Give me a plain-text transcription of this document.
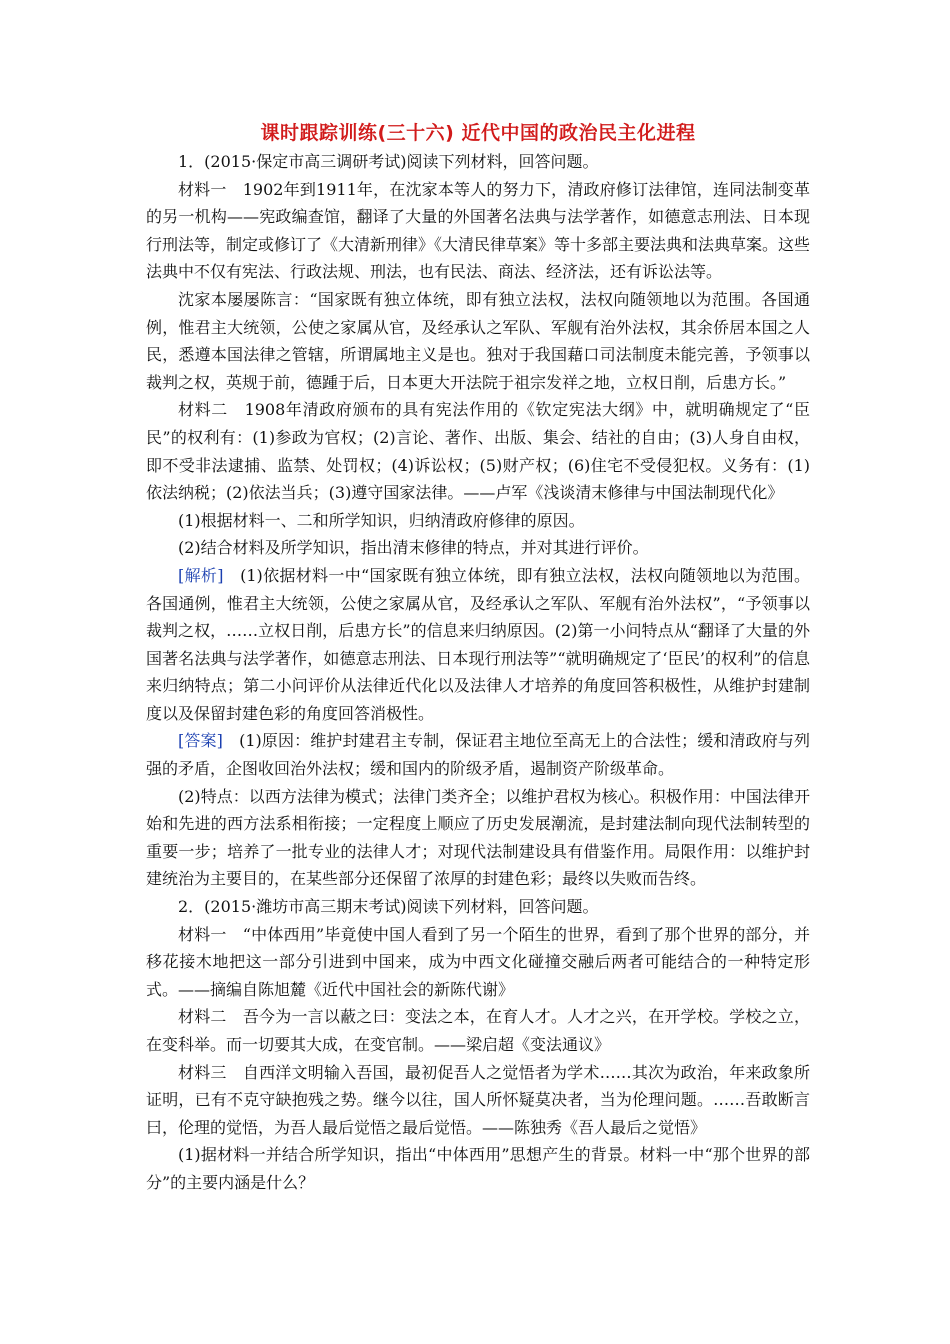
课时跟踪训练(三十六) 近代中国的政治民主化进程

1．(2015·保定市高三调研考试)阅读下列材料，回答问题。

材料一　1902年到1911年，在沈家本等人的努力下，清政府修订法律馆，连同法制变革的另一机构——宪政编查馆，翻译了大量的外国著名法典与法学著作，如德意志刑法、日本现行刑法等，制定或修订了《大清新刑律》《大清民律草案》等十多部主要法典和法典草案。这些法典中不仅有宪法、行政法规、刑法，也有民法、商法、经济法，还有诉讼法等。

沈家本屡屡陈言：“国家既有独立体统，即有独立法权，法权向随领地以为范围。各国通例，惟君主大统领，公使之家属从官，及经承认之军队、军舰有治外法权，其余侨居本国之人民，悉遵本国法律之管辖，所谓属地主义是也。独对于我国藉口司法制度未能完善，予领事以裁判之权，英规于前，德踵于后，日本更大开法院于祖宗发祥之地，立权日削，后患方长。”

材料二　1908年清政府颁布的具有宪法作用的《钦定宪法大纲》中，就明确规定了“臣民”的权利有：(1)参政为官权；(2)言论、著作、出版、集会、结社的自由；(3)人身自由权，即不受非法逮捕、监禁、处罚权；(4)诉讼权；(5)财产权；(6)住宅不受侵犯权。义务有：(1)依法纳税；(2)依法当兵；(3)遵守国家法律。——卢军《浅谈清末修律与中国法制现代化》

(1)根据材料一、二和所学知识，归纳清政府修律的原因。

(2)结合材料及所学知识，指出清末修律的特点，并对其进行评价。

[解析]　(1)依据材料一中“国家既有独立体统，即有独立法权，法权向随领地以为范围。各国通例，惟君主大统领，公使之家属从官，及经承认之军队、军舰有治外法权”，“予领事以裁判之权，……立权日削，后患方长”的信息来归纳原因。(2)第一小问特点从“翻译了大量的外国著名法典与法学著作，如德意志刑法、日本现行刑法等”“就明确规定了‘臣民’的权利”的信息来归纳特点；第二小问评价从法律近代化以及法律人才培养的角度回答积极性，从维护封建制度以及保留封建色彩的角度回答消极性。

[答案]　(1)原因：维护封建君主专制，保证君主地位至高无上的合法性；缓和清政府与列强的矛盾，企图收回治外法权；缓和国内的阶级矛盾，遏制资产阶级革命。

(2)特点：以西方法律为模式；法律门类齐全；以维护君权为核心。积极作用：中国法律开始和先进的西方法系相衔接；一定程度上顺应了历史发展潮流，是封建法制向现代法制转型的重要一步；培养了一批专业的法律人才；对现代法制建设具有借鉴作用。局限作用：以维护封建统治为主要目的，在某些部分还保留了浓厚的封建色彩；最终以失败而告终。

2．(2015·潍坊市高三期末考试)阅读下列材料，回答问题。

材料一　“中体西用”毕竟使中国人看到了另一个陌生的世界，看到了那个世界的部分，并移花接木地把这一部分引进到中国来，成为中西文化碰撞交融后两者可能结合的一种特定形式。——摘编自陈旭麓《近代中国社会的新陈代谢》

材料二　吾今为一言以蔽之曰：变法之本，在育人才。人才之兴，在开学校。学校之立，在变科举。而一切要其大成，在变官制。——梁启超《变法通议》

材料三　自西洋文明输入吾国，最初促吾人之觉悟者为学术……其次为政治，年来政象所证明，已有不克守缺抱残之势。继今以往，国人所怀疑莫决者，当为伦理问题。……吾敢断言曰，伦理的觉悟，为吾人最后觉悟之最后觉悟。——陈独秀《吾人最后之觉悟》

(1)据材料一并结合所学知识，指出“中体西用”思想产生的背景。材料一中“那个世界的部分”的主要内涵是什么？
